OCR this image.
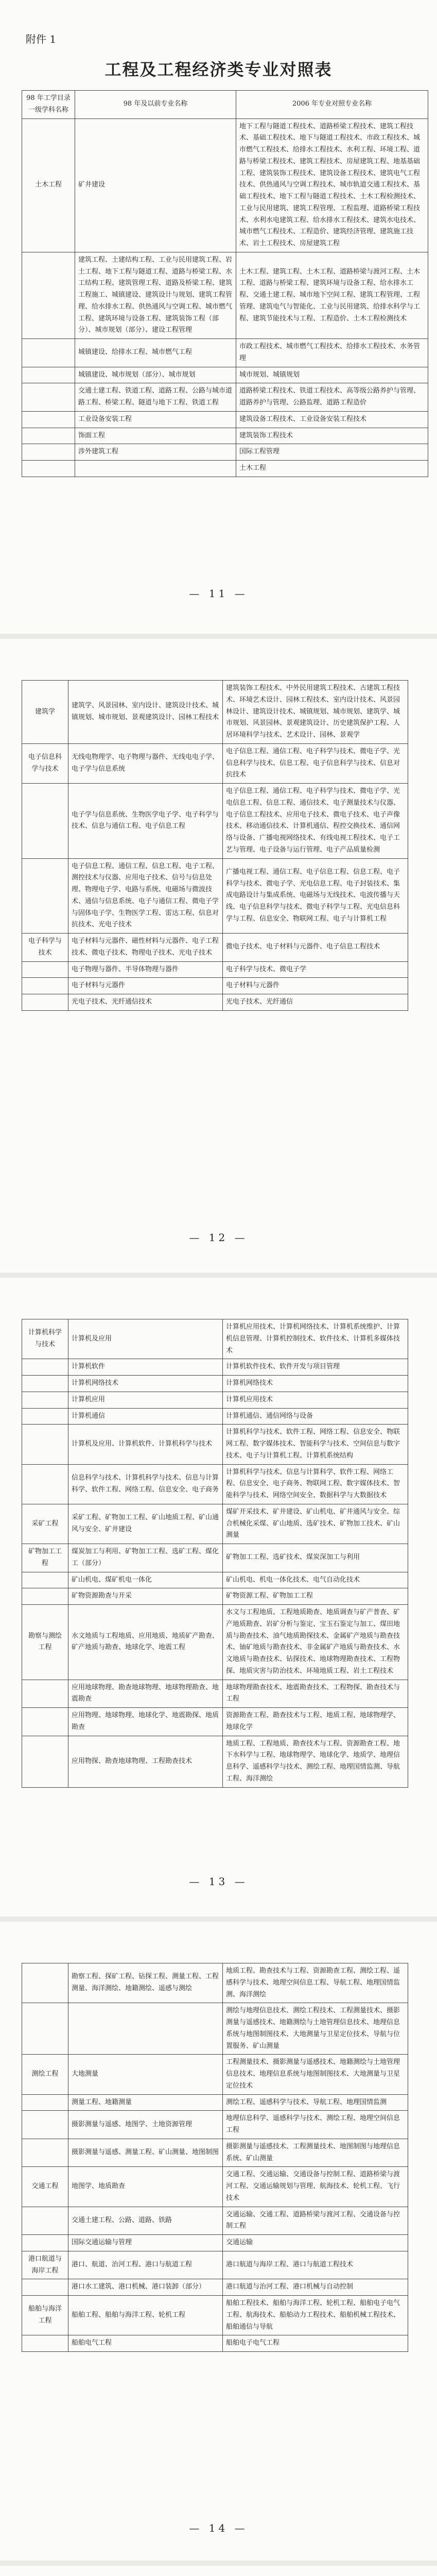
附件 1
工程及工程经济类专业对照表
98 年工学目录一级学科名称	98 年及以前专业名称	2006 年专业对照专业名称
土木工程	矿井建设	地下工程与隧道工程技术、道路桥梁工程技术、建筑工程技术、基础工程技术、地下与隧道工程技术、市政工程技术、城市燃气工程技术、给排水工程技术、水利工程、环境工程、道路与桥梁工程技术、建筑工程技术、房屋建筑工程、地基基础工程、建筑装饰工程技术、建筑设备工程技术、建筑电气工程技术、供热通风与空调工程技术、城市轨道交通工程技术、基础工程技术、地下工程与隧道工程技术、土木工程检测技术、工业与民用建筑、建筑工程管理、工程监理、道路桥梁工程技术、水利水电建筑工程、给水排水工程技术、建筑水电技术、城市燃气工程技术、工程造价、建筑经济管理、建筑施工技术、岩土工程技术、房屋建筑工程
	建筑工程、土建结构工程、工业与民用建筑工程、岩土工程、地下工程与隧道工程、道路与桥梁工程、水工结构工程、建筑管理工程、道路及桥梁工程、建筑工程施工、城镇建设、建筑设计与规划、建筑工程管理、给水排水工程、供热通风与空调工程、城市燃气工程、建筑环境与设备工程、建筑装饰工程（部分）、城市规划（部分）、建设工程管理	土木工程、建筑工程、土木工程、道路桥梁与渡河工程、土木工程、道路与桥梁工程、建筑环境与设备工程、给水排水工程、交通土建工程、城市地下空间工程、建筑工程管理、工程管理、建筑电气与智能化、工业与民用建筑、给排水科学与工程、建筑节能技术与工程、工程造价、土木工程检测技术
	城镇建设、给排水工程、城市燃气工程	市政工程技术、城市燃气工程技术、给排水工程技术、水务管理
	城镇建设、城市规划（部分）、城市规划	城市规划、城镇规划
	交通土建工程、铁道工程、道路工程、公路与城市道路工程、桥梁工程、隧道与地下工程、铁道工程	道路桥梁工程技术、铁道工程技术、高等级公路养护与管理、道路养护与管理、公路监理、道路工程造价
	工业设备安装工程	建筑设备工程技术、工业设备安装工程技术
	饰面工程	建筑装饰工程技术
	涉外建筑工程	国际工程管理
		土木工程
— 11 —
建筑学	建筑学、风景园林、室内设计、建筑设计技术、城镇规划、城市规划、景观建筑设计、园林工程技术	建筑装饰工程技术、中外民用建筑工程技术、古建筑工程技术、环境艺术设计、园林工程技术、室内设计技术、风景园林设计、建筑设计技术、城镇规划、城市规划、建筑学、城市规划、风景园林、景观建筑设计、历史建筑保护工程、人居环境科学与技术、艺术设计、园林、景观学
电子信息科学与技术	无线电物理学、电子物理与器件、无线电电子学、电子学与信息系统	电子信息工程、通信工程、电子科学与技术、微电子学、光信息科学与技术、信息工程、电子信息科学与技术、信息对抗技术
	电子学与信息系统、生物医学电子学、电子科学与技术、信息与通信工程、电子信息工程	电子信息工程、通信工程、电子科学与技术、微电子学、光电信息工程、信息工程、通信技术、电子测量技术与仪器、电子信息工程技术、应用电子技术、微电子技术、电子声像技术、移动通信技术、计算机通信、程控交换技术、通信网络与设备、广播电视网络技术、有线电视工程技术、电子工艺与管理、电子设备与运行管理、电子产品质量检测
	电子信息工程、通信工程、信息工程、电子工程、测控技术与仪器、应用电子技术、信号与信息处理、物理电子学、电路与系统、电磁场与微波技术、通信与信息系统、电子与通信工程、微电子学与固体电子学、生物医学工程、雷达工程、信息对抗技术、光电子技术	广播电视工程、通信工程、电子信息工程、信息工程、电子科学与技术、微电子学、光电信息工程、电子封装技术、集成电路设计与集成系统、电磁场与无线技术、电波传播与天线、电子信息科学与技术、微电子科学与工程、光电信息科学与工程、信息安全、物联网工程、电子与计算机工程
电子科学与技术	电子材料与元器件、磁性材料与元器件、电子工程技术、微电子技术、物理电子技术、光电子技术	微电子技术、电子材料与元器件、电子信息工程技术
	电子物理与器件、半导体物理与器件	电子科学与技术、微电子学
	电子材料与元器件	电子材料与元器件
	光电子技术、光纤通信技术	光电子技术、光纤通信
— 12 —
计算机科学与技术	计算机及应用	计算机应用技术、计算机网络技术、计算机系统维护、计算机信息管理、计算机控制技术、软件技术、计算机多媒体技术
	计算机软件	计算机软件技术、软件开发与项目管理
	计算机网络技术	计算机网络技术
	计算机应用	计算机应用技术
	计算机通信	计算机通信、通信网络与设备
	计算机及应用、计算机软件、计算机科学与技术	计算机科学与技术、软件工程、网络工程、信息安全、物联网工程、数字媒体技术、智能科学与技术、空间信息与数字技术、电子与计算机工程、计算机系统结构
	信息科学与技术、计算机科学与技术、信息与计算科学、软件工程、网络工程、信息安全、电子商务	计算机科学与技术、信息与计算科学、软件工程、网络工程、信息安全、电子商务、物联网工程、数字媒体技术、智能科学与技术、网络空间安全、数据科学与大数据技术
采矿工程	采矿工程、矿物加工工程、矿山地质工程、矿山通风与安全、矿井建设	煤矿开采技术、矿井建设、矿山机电、矿井通风与安全、综合机械化采煤、矿山地质、选矿技术、矿物加工技术、矿山测量
矿物加工工程	煤炭加工与利用、矿物加工工程、选矿工程、煤化工（部分）	矿物加工工程、选矿技术、煤炭深加工与利用
	矿山机电、煤矿机电一体化	矿山机电、机电一体化技术、电气自动化技术
	矿物资源勘查与开采	矿物资源工程、矿物加工工程
勘察与测绘工程	水文地质与工程地质、应用地质、地质矿产勘查、矿产地质与勘查、地球化学、地震工程	水文与工程地质、工程地质勘查、地质调查与矿产普查、矿产地质勘查、岩矿分析与鉴定、宝玉石鉴定与加工、煤田地质与勘查技术、油气地质勘探技术、金属矿产地质与勘查技术、铀矿地质与勘查技术、非金属矿产地质与勘查技术、水文地质与勘查技术、钻探技术、地球物理勘查技术、工程物探、地质灾害与防治技术、环境地质工程、岩土工程技术
	应用地球物理、勘查地球物理、地球物理勘查、地震勘查	地球物理勘查技术、地震勘查技术、工程物探、勘查技术与工程
	应用物理、地球物理、地球化学、地震勘探、地质勘查	资源勘查工程、勘查技术与工程、地质工程、地球物理学、地球化学
	应用物探、勘查地球物理、工程勘查技术	地质工程、工程地质、勘查技术与工程、资源勘查工程、地下水科学与工程、地球物理学、地球化学、地质学、地理信息科学、遥感科学与技术、测绘工程、地理国情监测、导航工程、海洋测绘
— 13 —
	勘察工程、探矿工程、钻探工程、测量工程、工程测量、海洋测绘、地籍测绘、遥感与测绘	地质工程、勘查技术与工程、资源勘查工程、测绘工程、遥感科学与技术、地理空间信息工程、导航工程、地理国情监测、海洋测绘
		测绘与地理信息技术、测绘工程技术、工程测量技术、摄影测量与遥感技术、地籍测绘与土地管理信息技术、地理信息系统与地图制图技术、大地测量与卫星定位技术、导航与位置服务、矿山测量
测绘工程	大地测量	工程测量技术、摄影测量与遥感技术、地籍测绘与土地管理信息技术、地理信息系统与地图制图技术、大地测量与卫星定位技术
	测量工程、地籍测量	测绘工程、遥感科学与技术、导航工程、地理国情监测
	摄影测量与遥感、地图学、土地资源管理	地理信息科学、遥感科学与技术、测绘工程、地理空间信息工程
	摄影测量与遥感、测量工程、矿山测量、地图制图	摄影测量与遥感技术、工程测量技术、地图制图与地理信息系统、矿山测量
交通工程	地图学、地质勘查	交通工程、交通运输、交通设备与控制工程、道路桥梁与渡河工程、交通运输规划与管理、航海技术、轮机工程、飞行技术
	交通土建工程、公路、道路、铁路	交通运输、交通工程、道路桥梁与渡河工程、交通设备与控制工程
	国际交通运输与管理	交通运输
港口航道与海岸工程	港口、航道、治河工程、港口与航道工程	港口航道与海岸工程、港口与航道工程技术
	港口水工建筑、港口机械、港口装卸（部分）	港口航道与治河工程、港口机械与自动控制
船舶与海洋工程	船舶工程、船舶与海洋工程、轮机工程	船舶工程技术、船舶与海洋工程、轮机工程、船舶电子电气工程、航海技术、船舶动力工程技术、船舶机械工程技术、船舶通信与导航
	船舶电气工程	船舶电子电气工程
— 14 —
